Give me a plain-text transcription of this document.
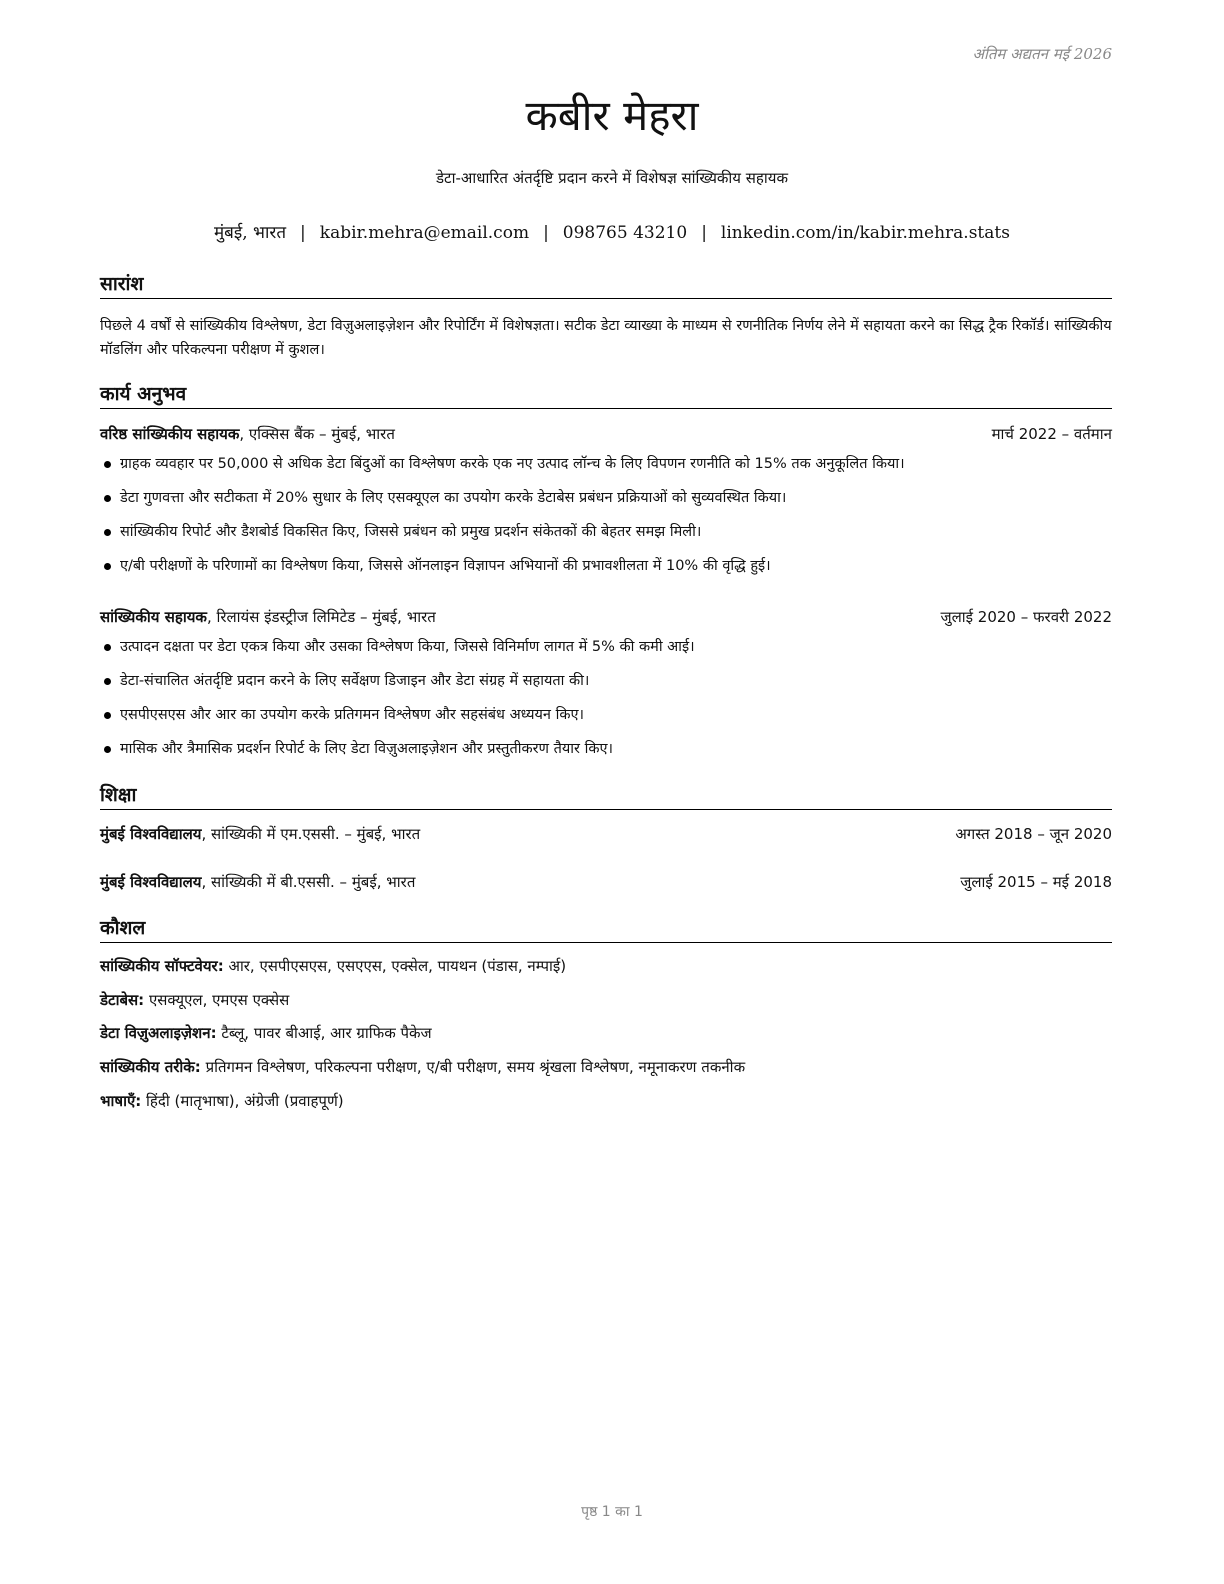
अंतिम अद्यतन मई 2026
कबीर मेहरा
डेटा-आधारित अंतर्दृष्टि प्रदान करने में विशेषज्ञ सांख्यिकीय सहायक
मुंबई, भारत | kabir.mehra@email.com | 098765 43210 | linkedin.com/in/kabir.mehra.stats
सारांश
पिछले 4 वर्षों से सांख्यिकीय विश्लेषण, डेटा विज़ुअलाइज़ेशन और रिपोर्टिंग में विशेषज्ञता। सटीक डेटा व्याख्या के माध्यम से रणनीतिक निर्णय लेने में सहायता करने का सिद्ध ट्रैक रिकॉर्ड। सांख्यिकीय मॉडलिंग और परिकल्पना परीक्षण में कुशल।
कार्य अनुभव
वरिष्ठ सांख्यिकीय सहायक, एक्सिस बैंक – मुंबई, भारत	मार्च 2022 – वर्तमान
ग्राहक व्यवहार पर 50,000 से अधिक डेटा बिंदुओं का विश्लेषण करके एक नए उत्पाद लॉन्च के लिए विपणन रणनीति को 15% तक अनुकूलित किया।
डेटा गुणवत्ता और सटीकता में 20% सुधार के लिए एसक्यूएल का उपयोग करके डेटाबेस प्रबंधन प्रक्रियाओं को सुव्यवस्थित किया।
सांख्यिकीय रिपोर्ट और डैशबोर्ड विकसित किए, जिससे प्रबंधन को प्रमुख प्रदर्शन संकेतकों की बेहतर समझ मिली।
ए/बी परीक्षणों के परिणामों का विश्लेषण किया, जिससे ऑनलाइन विज्ञापन अभियानों की प्रभावशीलता में 10% की वृद्धि हुई।
सांख्यिकीय सहायक, रिलायंस इंडस्ट्रीज लिमिटेड – मुंबई, भारत	जुलाई 2020 – फरवरी 2022
उत्पादन दक्षता पर डेटा एकत्र किया और उसका विश्लेषण किया, जिससे विनिर्माण लागत में 5% की कमी आई।
डेटा-संचालित अंतर्दृष्टि प्रदान करने के लिए सर्वेक्षण डिजाइन और डेटा संग्रह में सहायता की।
एसपीएसएस और आर का उपयोग करके प्रतिगमन विश्लेषण और सहसंबंध अध्ययन किए।
मासिक और त्रैमासिक प्रदर्शन रिपोर्ट के लिए डेटा विज़ुअलाइज़ेशन और प्रस्तुतीकरण तैयार किए।
शिक्षा
मुंबई विश्वविद्यालय, सांख्यिकी में एम.एससी. – मुंबई, भारत	अगस्त 2018 – जून 2020
मुंबई विश्वविद्यालय, सांख्यिकी में बी.एससी. – मुंबई, भारत	जुलाई 2015 – मई 2018
कौशल
सांख्यिकीय सॉफ्टवेयर: आर, एसपीएसएस, एसएएस, एक्सेल, पायथन (पंडास, नम्पाई)
डेटाबेस: एसक्यूएल, एमएस एक्सेस
डेटा विज़ुअलाइज़ेशन: टैब्लू, पावर बीआई, आर ग्राफिक पैकेज
सांख्यिकीय तरीके: प्रतिगमन विश्लेषण, परिकल्पना परीक्षण, ए/बी परीक्षण, समय श्रृंखला विश्लेषण, नमूनाकरण तकनीक
भाषाएँ: हिंदी (मातृभाषा), अंग्रेजी (प्रवाहपूर्ण)
पृष्ठ 1 का 1
